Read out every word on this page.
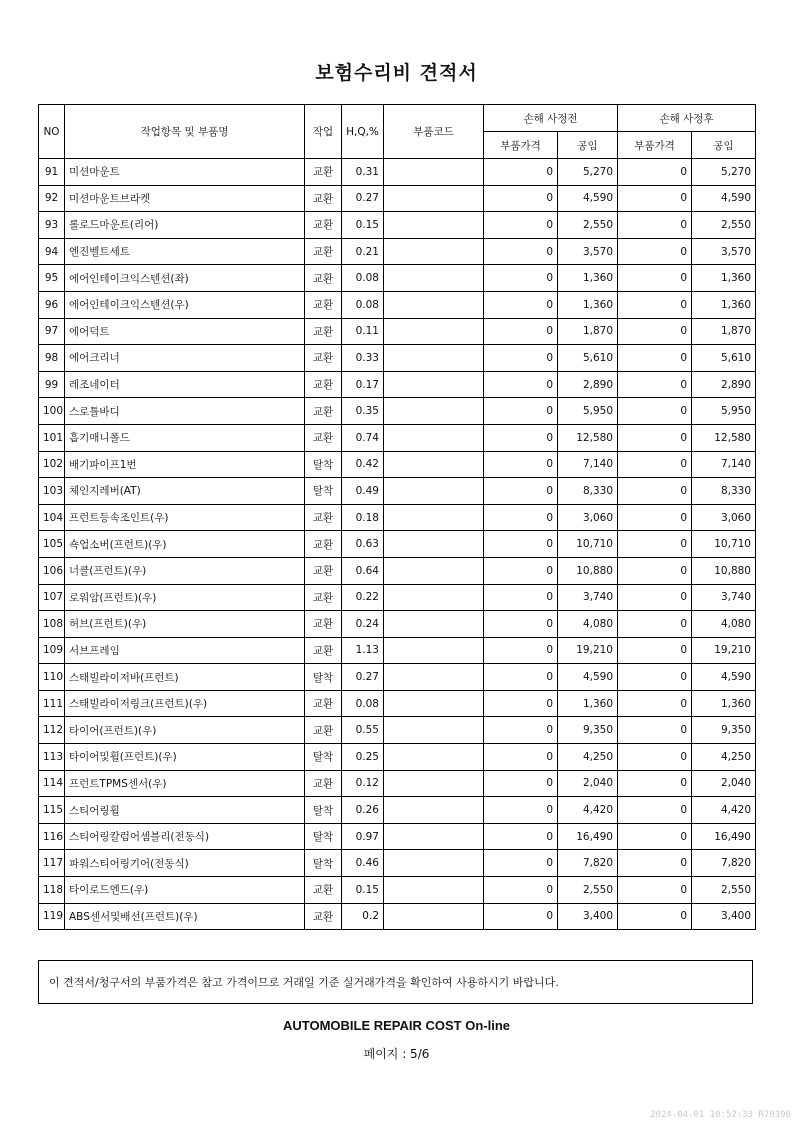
보험수리비 견적서
NO	작업항목 및 부품명	작업	H,Q,%	부품코드	손해 사정전		손해 사정후	
					부품가격	공임	부품가격	공임
91	미션마운트	교환	0.31		0	5,270	0	5,270
92	미션마운트브라켓	교환	0.27		0	4,590	0	4,590
93	롤로드마운트(리어)	교환	0.15		0	2,550	0	2,550
94	엔진벨트세트	교환	0.21		0	3,570	0	3,570
95	에어인테이크익스텐션(좌)	교환	0.08		0	1,360	0	1,360
96	에어인테이크익스텐션(우)	교환	0.08		0	1,360	0	1,360
97	에어덕트	교환	0.11		0	1,870	0	1,870
98	에어크리너	교환	0.33		0	5,610	0	5,610
99	레조네이터	교환	0.17		0	2,890	0	2,890
100	스로틀바디	교환	0.35		0	5,950	0	5,950
101	흡기매니폴드	교환	0.74		0	12,580	0	12,580
102	배기파이프1번	탈착	0.42		0	7,140	0	7,140
103	체인지레버(AT)	탈착	0.49		0	8,330	0	8,330
104	프런트등속조인트(우)	교환	0.18		0	3,060	0	3,060
105	쇽업소버(프런트)(우)	교환	0.63		0	10,710	0	10,710
106	너클(프런트)(우)	교환	0.64		0	10,880	0	10,880
107	로워암(프런트)(우)	교환	0.22		0	3,740	0	3,740
108	허브(프런트)(우)	교환	0.24		0	4,080	0	4,080
109	서브프레임	교환	1.13		0	19,210	0	19,210
110	스태빌라이저바(프런트)	탈착	0.27		0	4,590	0	4,590
111	스태빌라이저링크(프런트)(우)	교환	0.08		0	1,360	0	1,360
112	타이어(프런트)(우)	교환	0.55		0	9,350	0	9,350
113	타이어및휠(프런트)(우)	탈착	0.25		0	4,250	0	4,250
114	프런트TPMS센서(우)	교환	0.12		0	2,040	0	2,040
115	스티어링휠	탈착	0.26		0	4,420	0	4,420
116	스티어링칼럼어셈블리(전동식)	탈착	0.97		0	16,490	0	16,490
117	파워스티어링기어(전동식)	탈착	0.46		0	7,820	0	7,820
118	타이로드엔드(우)	교환	0.15		0	2,550	0	2,550
119	ABS센서및배선(프런트)(우)	교환	0.2		0	3,400	0	3,400
이 견적서/청구서의 부품가격은 참고 가격이므로 거래일 기준 실거래가격을 확인하여 사용하시기 바랍니다.
AUTOMOBILE REPAIR COST On-line
페이지 : 5/6
2024-04-01 10:52:33 R70396
